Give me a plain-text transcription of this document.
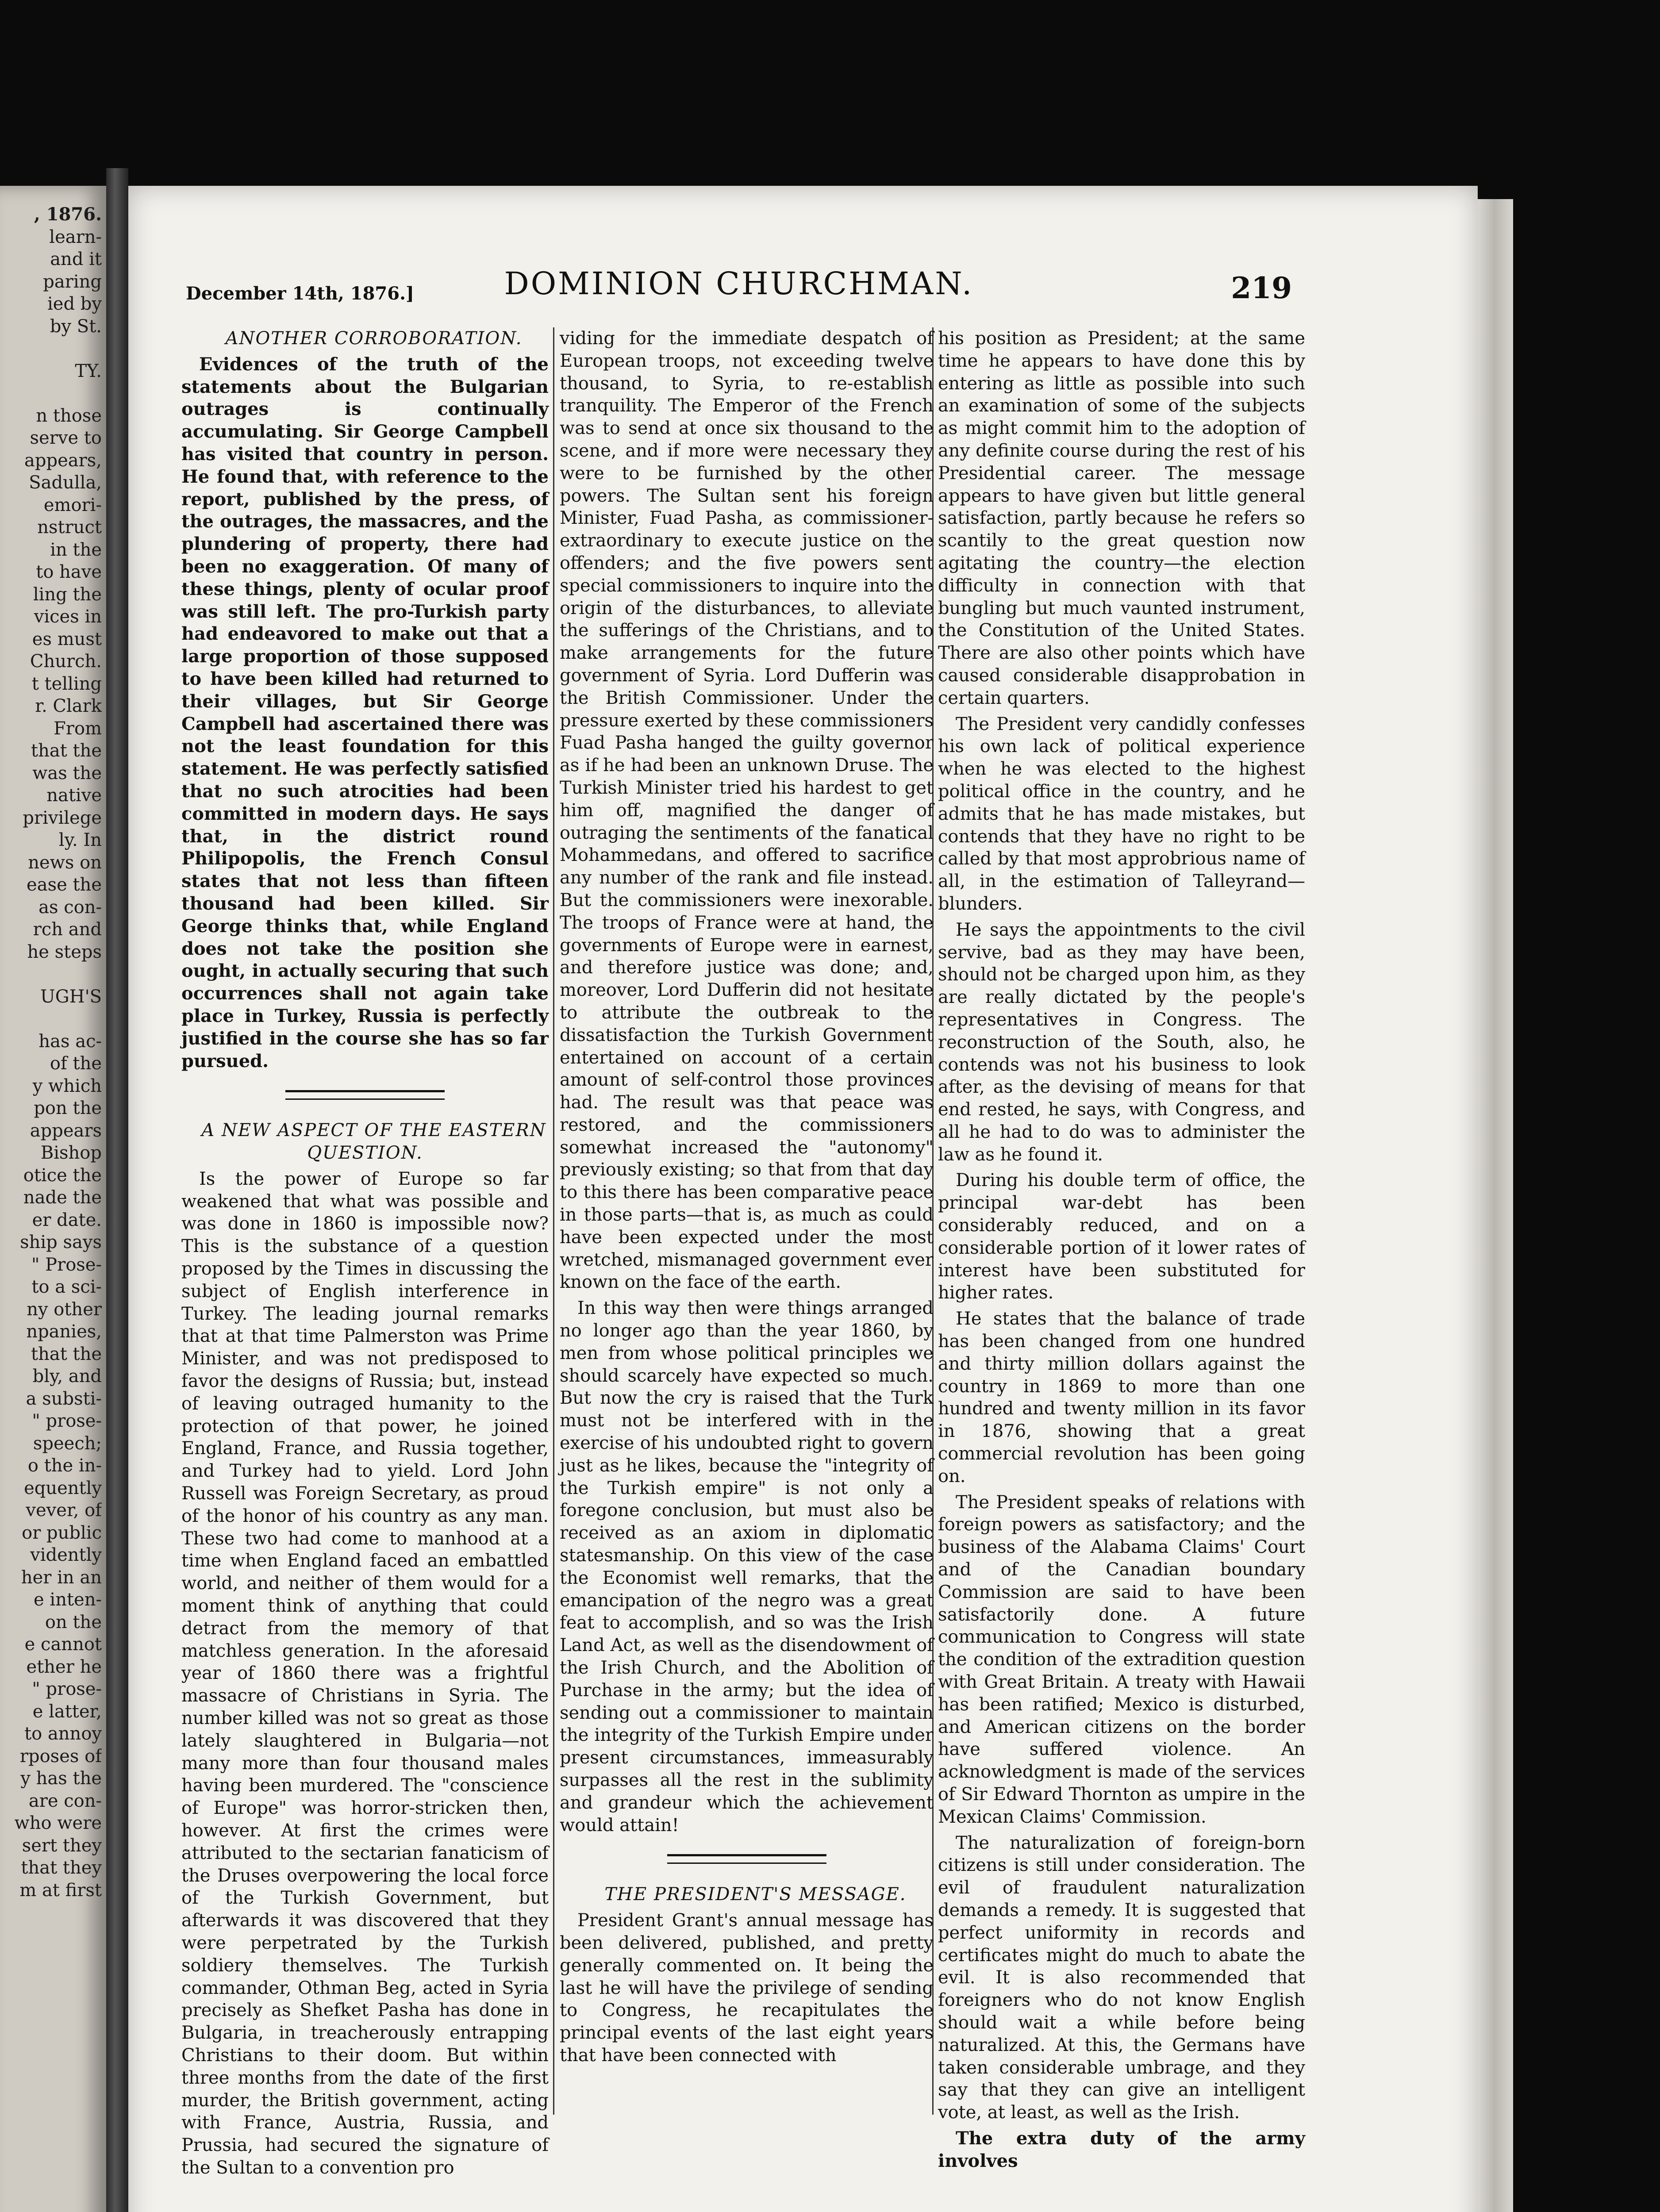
, 1876.
learn-
and it
paring
ied by
by St.

TY.

n those
serve to
appears,
Sadulla,
emori-
nstruct
in the
to have
ling the
vices in
es must
Church.
t telling
r. Clark
From
that the
was the
native
privilege
ly. In
news on
ease the
as con-
rch and
he steps

UGH'S

has ac-
of the
y which
pon the
appears
Bishop
otice the
nade the
er date.
ship says
" Prose-
to a sci-
ny other
npanies,
that the
bly, and
a substi-
" prose-
speech;
o the in-
equently
vever, of
or public
vidently
her in an
e inten-
on the
e cannot
ether he
" prose-
e latter,
to annoy
rposes of
y has the
are con-
who were
sert they
that they
m at first
December 14th, 1876.]	DOMINION CHURCHMAN.	219

ANOTHER CORROBORATION.

Evidences of the truth of the statements about the Bulgarian outrages is continually accumulating. Sir George Campbell has visited that country in person. He found that, with reference to the report, published by the press, of the outrages, the massacres, and the plundering of property, there had been no exaggeration. Of many of these things, plenty of ocular proof was still left. The pro-Turkish party had endeavored to make out that a large proportion of those supposed to have been killed had returned to their villages, but Sir George Campbell had ascertained there was not the least foundation for this statement. He was perfectly satisfied that no such atrocities had been committed in modern days. He says that, in the district round Philipopolis, the French Consul states that not less than fifteen thousand had been killed. Sir George thinks that, while England does not take the position she ought, in actually securing that such occurrences shall not again take place in Turkey, Russia is perfectly justified in the course she has so far pursued.

A NEW ASPECT OF THE EASTERN QUESTION.

Is the power of Europe so far weakened that what was possible and was done in 1860 is impossible now? This is the substance of a question proposed by the Times in discussing the subject of English interference in Turkey. The leading journal remarks that at that time Palmerston was Prime Minister, and was not predisposed to favor the designs of Russia; but, instead of leaving outraged humanity to the protection of that power, he joined England, France, and Russia together, and Turkey had to yield. Lord John Russell was Foreign Secretary, as proud of the honor of his country as any man. These two had come to manhood at a time when England faced an embattled world, and neither of them would for a moment think of anything that could detract from the memory of that matchless generation. In the aforesaid year of 1860 there was a frightful massacre of Christians in Syria. The number killed was not so great as those lately slaughtered in Bulgaria—not many more than four thousand males having been murdered. The "conscience of Europe" was horror-stricken then, however. At first the crimes were attributed to the sectarian fanaticism of the Druses overpowering the local force of the Turkish Government, but afterwards it was discovered that they were perpetrated by the Turkish soldiery themselves. The Turkish commander, Othman Beg, acted in Syria precisely as Shefket Pasha has done in Bulgaria, in treacherously entrapping Christians to their doom. But within three months from the date of the first murder, the British government, acting with France, Austria, Russia, and Prussia, had secured the signature of the Sultan to a convention pro

viding for the immediate despatch of European troops, not exceeding twelve thousand, to Syria, to re-establish tranquility. The Emperor of the French was to send at once six thousand to the scene, and if more were necessary they were to be furnished by the other powers. The Sultan sent his foreign Minister, Fuad Pasha, as commissioner-extraordinary to execute justice on the offenders; and the five powers sent special commissioners to inquire into the origin of the disturbances, to alleviate the sufferings of the Christians, and to make arrangements for the future government of Syria. Lord Dufferin was the British Commissioner. Under the pressure exerted by these commissioners Fuad Pasha hanged the guilty governor as if he had been an unknown Druse. The Turkish Minister tried his hardest to get him off, magnified the danger of outraging the sentiments of the fanatical Mohammedans, and offered to sacrifice any number of the rank and file instead. But the commissioners were inexorable. The troops of France were at hand, the governments of Europe were in earnest, and therefore justice was done; and, moreover, Lord Dufferin did not hesitate to attribute the outbreak to the dissatisfaction the Turkish Government entertained on account of a certain amount of self-control those provinces had. The result was that peace was restored, and the commissioners somewhat increased the "autonomy" previously existing; so that from that day to this there has been comparative peace in those parts—that is, as much as could have been expected under the most wretched, mismanaged government ever known on the face of the earth.

In this way then were things arranged no longer ago than the year 1860, by men from whose political principles we should scarcely have expected so much. But now the cry is raised that the Turk must not be interfered with in the exercise of his undoubted right to govern just as he likes, because the "integrity of the Turkish empire" is not only a foregone conclusion, but must also be received as an axiom in diplomatic statesmanship. On this view of the case the Economist well remarks, that the emancipation of the negro was a great feat to accomplish, and so was the Irish Land Act, as well as the disendowment of the Irish Church, and the Abolition of Purchase in the army; but the idea of sending out a commissioner to maintain the integrity of the Turkish Empire under present circumstances, immeasurably surpasses all the rest in the sublimity and grandeur which the achievement would attain!

THE PRESIDENT'S MESSAGE.

President Grant's annual message has been delivered, published, and pretty generally commented on. It being the last he will have the privilege of sending to Congress, he recapitulates the principal events of the last eight years that have been connected with

his position as President; at the same time he appears to have done this by entering as little as possible into such an examination of some of the subjects as might commit him to the adoption of any definite course during the rest of his Presidential career. The message appears to have given but little general satisfaction, partly because he refers so scantily to the great question now agitating the country—the election difficulty in connection with that bungling but much vaunted instrument, the Constitution of the United States. There are also other points which have caused considerable disapprobation in certain quarters.

The President very candidly confesses his own lack of political experience when he was elected to the highest political office in the country, and he admits that he has made mistakes, but contends that they have no right to be called by that most approbrious name of all, in the estimation of Talleyrand—blunders.

He says the appointments to the civil servive, bad as they may have been, should not be charged upon him, as they are really dictated by the people's representatives in Congress. The reconstruction of the South, also, he contends was not his business to look after, as the devising of means for that end rested, he says, with Congress, and all he had to do was to administer the law as he found it.

During his double term of office, the principal war-debt has been considerably reduced, and on a considerable portion of it lower rates of interest have been substituted for higher rates.

He states that the balance of trade has been changed from one hundred and thirty million dollars against the country in 1869 to more than one hundred and twenty million in its favor in 1876, showing that a great commercial revolution has been going on.

The President speaks of relations with foreign powers as satisfactory; and the business of the Alabama Claims' Court and of the Canadian boundary Commission are said to have been satisfactorily done. A future communication to Congress will state the condition of the extradition question with Great Britain. A treaty with Hawaii has been ratified; Mexico is disturbed, and American citizens on the border have suffered violence. An acknowledgment is made of the services of Sir Edward Thornton as umpire in the Mexican Claims' Commission.

The naturalization of foreign-born citizens is still under consideration. The evil of fraudulent naturalization demands a remedy. It is suggested that perfect uniformity in records and certificates might do much to abate the evil. It is also recommended that foreigners who do not know English should wait a while before being naturalized. At this, the Germans have taken considerable umbrage, and they say that they can give an intelligent vote, at least, as well as the Irish.

The extra duty of the army involves
